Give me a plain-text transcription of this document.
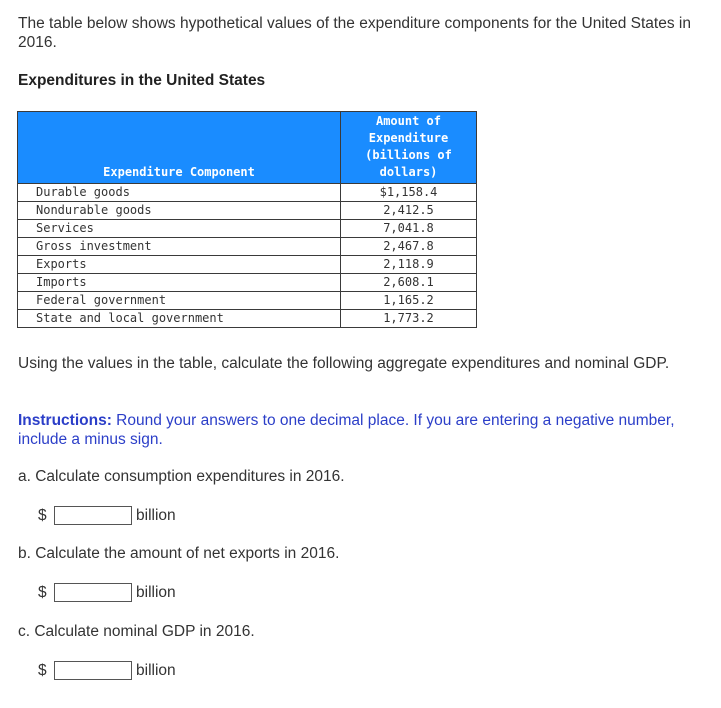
The table below shows hypothetical values of the expenditure components for the United States in 2016.
Expenditures in the United States
Expenditure Component	Amount of
Expenditure
(billions of
dollars)

Durable goods	$1,158.4
Nondurable goods	2,412.5
Services	7,041.8
Gross investment	2,467.8
Exports	2,118.9
Imports	2,608.1
Federal government	1,165.2
State and local government	1,773.2
Using the values in the table, calculate the following aggregate expenditures and nominal GDP.
Instructions: Round your answers to one decimal place. If you are entering a negative number, include a minus sign.
a. Calculate consumption expenditures in 2016.
$	billion
b. Calculate the amount of net exports in 2016.
$	billion
c. Calculate nominal GDP in 2016.
$	billion
